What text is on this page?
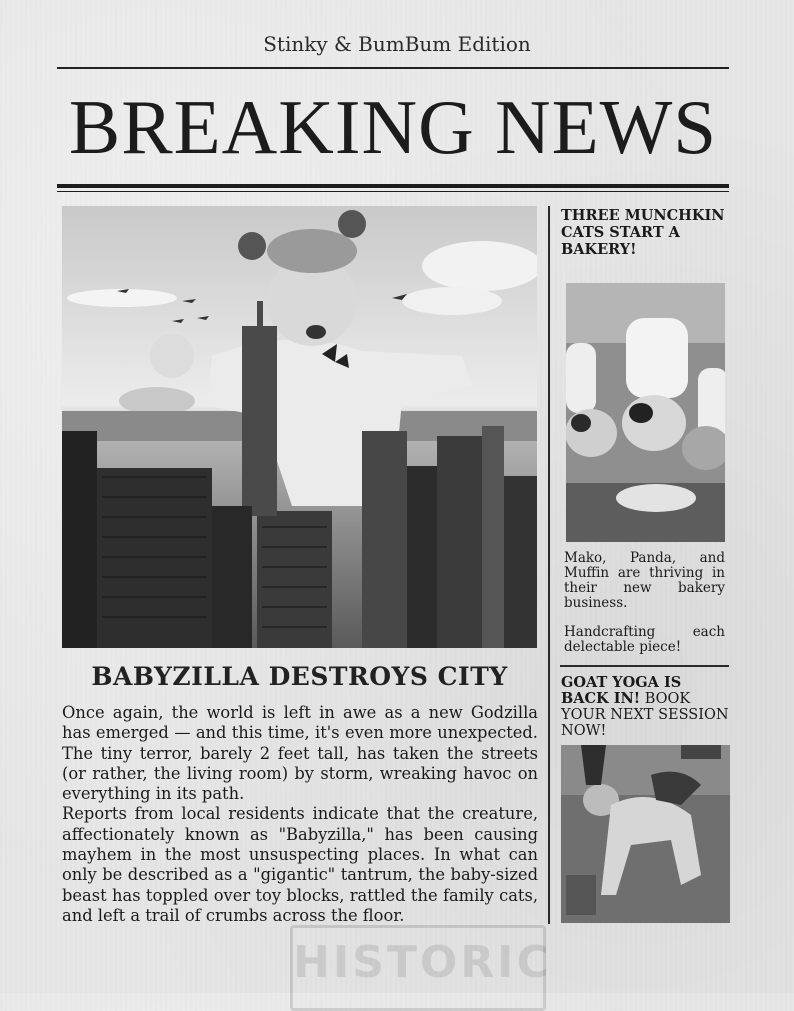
Stinky & BumBum Edition
BREAKING NEWS
BABYZILLA DESTROYS CITY

Once again, the world is left in awe as a new Godzilla has emerged — and this time, it's even more unexpected. The tiny terror, barely 2 feet tall, has taken the streets (or rather, the living room) by storm, wreaking havoc on everything in its path.

Reports from local residents indicate that the creature, affectionately known as "Babyzilla," has been causing mayhem in the most unsuspecting places. In what can only be described as a "gigantic" tantrum, the baby-sized beast has toppled over toy blocks, rattled the family cats, and left a trail of crumbs across the floor.

THREE MUNCHKIN CATS START A BAKERY!

Mako, Panda, and Muffin are thriving in their new bakery business.

Handcrafting each delectable piece!

GOAT YOGA IS BACK IN! BOOK YOUR NEXT SESSION NOW!
HISTORIC
